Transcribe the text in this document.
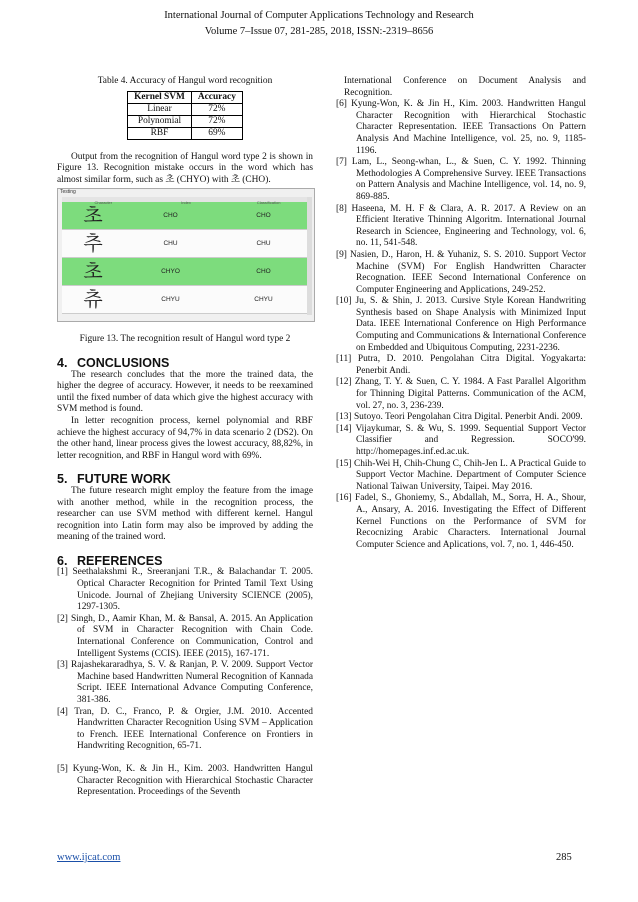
International Journal of Computer Applications Technology and Research
Volume 7–Issue 07, 281-285, 2018, ISSN:-2319–8656
Table 4. Accuracy of Hangul word recognition
Kernel SVM	Accuracy
Linear	72%
Polynomial	72%
RBF	69%

Output from the recognition of Hangul word type 2 is shown in Figure 13. Recognition mistake occurs in the word which has almost similar form, such as 초 (CHYO) with 초 (CHO).

Testing
초	CHO	CHO
추	CHU	CHU
초	CHYO	CHO
츄	CHYU	CHYU
Figure 13. The recognition result of Hangul word type 2
4. CONCLUSIONS

The research concludes that the more the trained data, the higher the degree of accuracy. However, it needs to be reexamined until the fixed number of data which give the highest accuracy with SVM method is found.

In letter recognition process, kernel polynomial and RBF achieve the highest accuracy of 94,7% in data scenario 2 (DS2). On the other hand, linear process gives the lowest accuracy, 88,82%, in letter recognition, and RBF in Hangul word with 69%.

5. FUTURE WORK

The future research might employ the feature from the image with another method, while in the recognition process, the researcher can use SVM method with different kernel. Hangul recognition into Latin form may also be improved by adding the meaning of the trained word.

6. REFERENCES

[1] Seethalakshmi R., Sreeranjani T.R., & Balachandar T. 2005. Optical Character Recognition for Printed Tamil Text Using Unicode. Journal of Zhejiang University SCIENCE (2005), 1297-1305.

[2] Singh, D., Aamir Khan, M. & Bansal, A. 2015. An Application of SVM in Character Recognition with Chain Code. International Conference on Communication, Control and Intelligent Systems (CCIS). IEEE (2015), 167-171.

[3] Rajashekararadhya, S. V. & Ranjan, P. V. 2009. Support Vector Machine based Handwritten Numeral Recognition of Kannada Script. IEEE International Advance Computing Conference, 381-386.

[4] Tran, D. C., Franco, P. & Orgier, J.M. 2010. Accented Handwritten Character Recognition Using SVM – Application to French. IEEE International Conference on Frontiers in Handwriting Recognition, 65-71.

[5] Kyung-Won, K. & Jin H., Kim. 2003. Handwritten Hangul Character Recognition with Hierarchical Stochastic Character Representation. Proceedings of the Seventh

International Conference on Document Analysis and Recognition.

[6] Kyung-Won, K. & Jin H., Kim. 2003. Handwritten Hangul Character Recognition with Hierarchical Stochastic Character Representation. IEEE Transactions On Pattern Analysis And Machine Intelligence, vol. 25, no. 9, 1185-1196.

[7] Lam, L., Seong-whan, L., & Suen, C. Y. 1992. Thinning Methodologies A Comprehensive Survey. IEEE Transactions on Pattern Analysis and Machine Intelligence, vol. 14, no. 9, 869-885.

[8] Haseena, M. H. F & Clara, A. R. 2017. A Review on an Efficient Iterative Thinning Algoritm. International Journal Research in Sciencee, Engineering and Technology, vol. 6, no. 11, 541-548.

[9] Nasien, D., Haron, H. & Yuhaniz, S. S. 2010. Support Vector Machine (SVM) For English Handwritten Character Recognation. IEEE Second International Conference on Computer Engineering and Applications, 249-252.

[10] Ju, S. & Shin, J. 2013. Cursive Style Korean Handwriting Synthesis based on Shape Analysis with Minimized Input Data. IEEE International Conference on High Performance Computing and Communications & International Conference on Embedded and Ubiquitous Computing, 2231-2236.

[11] Putra, D. 2010. Pengolahan Citra Digital. Yogyakarta: Penerbit Andi.

[12] Zhang, T. Y. & Suen, C. Y. 1984. A Fast Parallel Algorithm for Thinning Digital Patterns. Communication of the ACM, vol. 27, no. 3, 236-239.

[13] Sutoyo. Teori Pengolahan Citra Digital. Penerbit Andi. 2009.

[14] Vijaykumar, S. & Wu, S. 1999. Sequential Support Vector Classifier and Regression. SOCO'99. http://homepages.inf.ed.ac.uk.

[15] Chih-Wei H, Chih-Chung C, Chih-Jen L. A Practical Guide to Support Vector Machine. Department of Computer Science National Taiwan University, Taipei. May 2016.

[16] Fadel, S., Ghoniemy, S., Abdallah, M., Sorra, H. A., Shour, A., Ansary, A. 2016. Investigating the Effect of Different Kernel Functions on the Performance of SVM for Recocnizing Arabic Characters. International Journal Computer Science and Aplications, vol. 7, no. 1, 446-450.

www.ijcat.com	285
